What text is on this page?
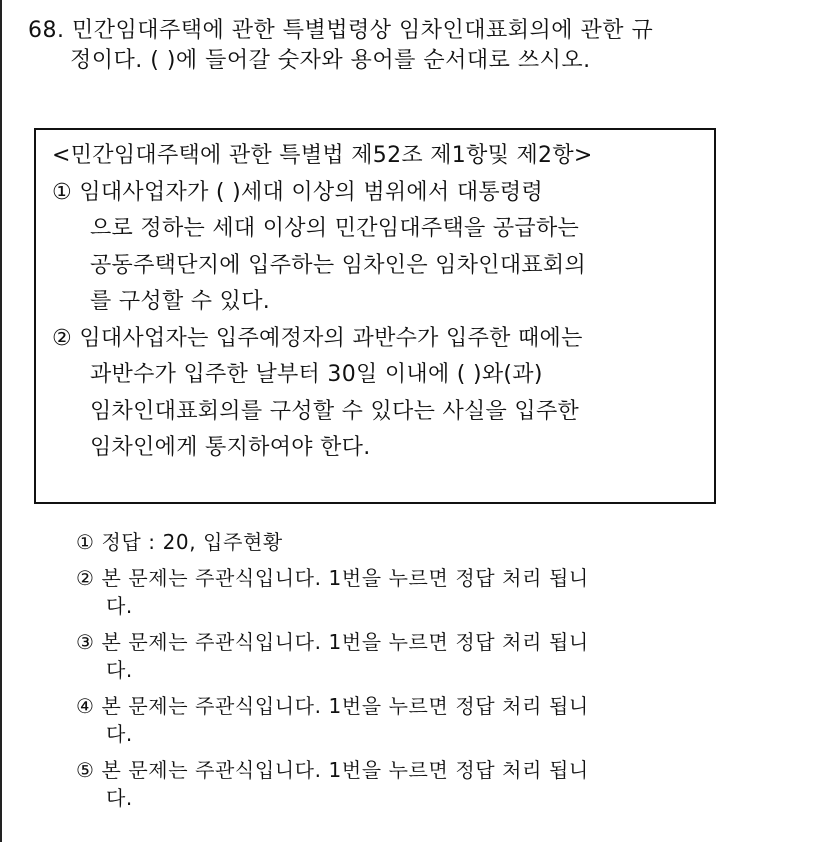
68. 민간임대주택에 관한 특별법령상 임차인대표회의에 관한 규
정이다. ( )에 들어갈 숫자와 용어를 순서대로 쓰시오.
<민간임대주택에 관한 특별법 제52조 제1항및 제2항>
① 임대사업자가 ( )세대 이상의 범위에서 대통령령
으로 정하는 세대 이상의 민간임대주택을 공급하는
공동주택단지에 입주하는 임차인은 임차인대표회의
를 구성할 수 있다.
② 임대사업자는 입주예정자의 과반수가 입주한 때에는
과반수가 입주한 날부터 30일 이내에 ( )와(과)
임차인대표회의를 구성할 수 있다는 사실을 입주한
임차인에게 통지하여야 한다.
① 정답 : 20, 입주현황
② 본 문제는 주관식입니다. 1번을 누르면 정답 처리 됩니
다.
③ 본 문제는 주관식입니다. 1번을 누르면 정답 처리 됩니
다.
④ 본 문제는 주관식입니다. 1번을 누르면 정답 처리 됩니
다.
⑤ 본 문제는 주관식입니다. 1번을 누르면 정답 처리 됩니
다.
